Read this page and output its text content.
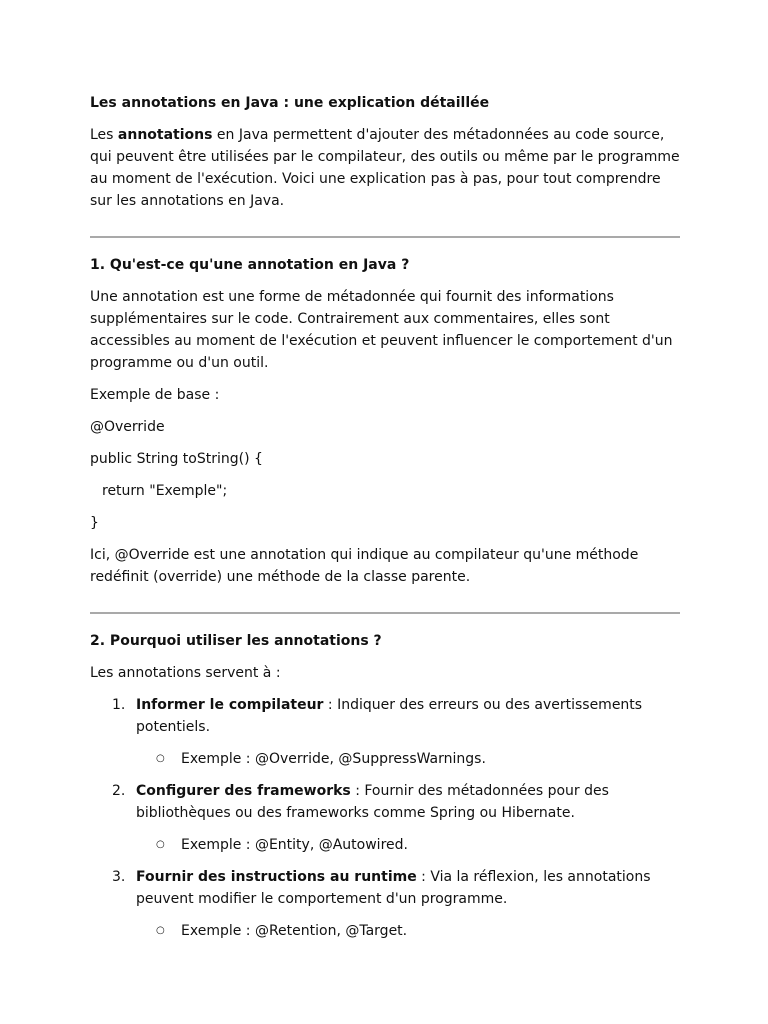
Les annotations en Java : une explication détaillée

Les annotations en Java permettent d'ajouter des métadonnées au code source, qui peuvent être utilisées par le compilateur, des outils ou même par le programme au moment de l'exécution. Voici une explication pas à pas, pour tout comprendre sur les annotations en Java.

1. Qu'est-ce qu'une annotation en Java ?

Une annotation est une forme de métadonnée qui fournit des informations supplémentaires sur le code. Contrairement aux commentaires, elles sont accessibles au moment de l'exécution et peuvent influencer le comportement d'un programme ou d'un outil.

Exemple de base :

@Override

public String toString() {

return "Exemple";

}

Ici, @Override est une annotation qui indique au compilateur qu'une méthode redéfinit (override) une méthode de la classe parente.

2. Pourquoi utiliser les annotations ?

Les annotations servent à :

1. Informer le compilateur : Indiquer des erreurs ou des avertissements potentiels.

○ Exemple : @Override, @SuppressWarnings.
2. Configurer des frameworks : Fournir des métadonnées pour des bibliothèques ou des frameworks comme Spring ou Hibernate.

○ Exemple : @Entity, @Autowired.
3. Fournir des instructions au runtime : Via la réflexion, les annotations peuvent modifier le comportement d'un programme.

○ Exemple : @Retention, @Target.
